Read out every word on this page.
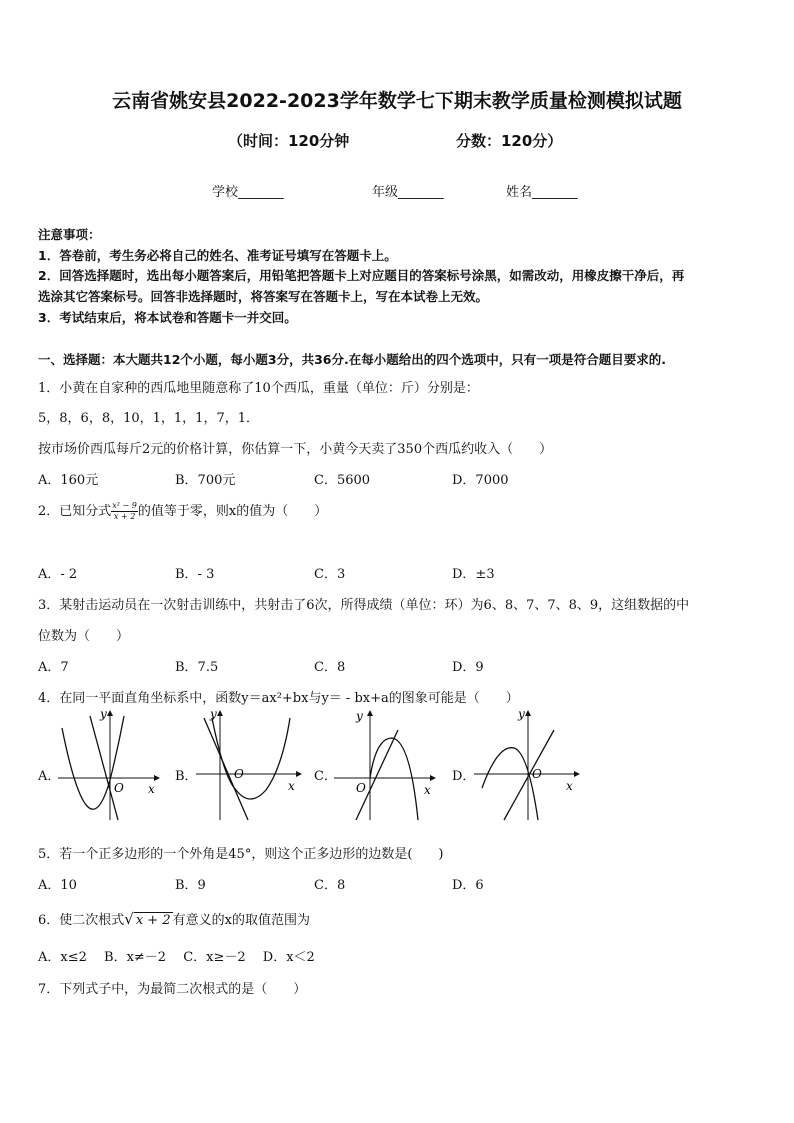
云南省姚安县2022-2023学年数学七下期末教学质量检测模拟试题
（时间：120分钟	分数：120分）
学校_______	年级_______	姓名_______
注意事项：
1．答卷前，考生务必将自己的姓名、准考证号填写在答题卡上。
2．回答选择题时，选出每小题答案后，用铅笔把答题卡上对应题目的答案标号涂黑，如需改动，用橡皮擦干净后，再
选涂其它答案标号。回答非选择题时，将答案写在答题卡上，写在本试卷上无效。
3．考试结束后，将本试卷和答题卡一并交回。
一、选择题：本大题共12个小题，每小题3分，共36分.在每小题给出的四个选项中，只有一项是符合题目要求的.
1．小黄在自家种的西瓜地里随意称了10个西瓜，重量（单位：斤）分别是：
5，8，6，8，10，1，1，1，7，1．
按市场价西瓜每斤2元的价格计算，你估算一下，小黄今天卖了350个西瓜约收入（　　）
A．160元	B．700元	C．5600	D．7000
2．已知分式 $\frac{\text{x² − 9}}{x + 2}$ 的值等于零，则x的值为（　　）
A．- 2	B．- 3	C．3	D．±3
3．某射击运动员在一次射击训练中，共射击了6次，所得成绩（单位：环）为6、8、7、7、8、9，这组数据的中
位数为（　　）
A．7	B．7.5	C．8	D．9
4．在同一平面直角坐标系中，函数y＝ax²+bx与y＝ - bx+a的图象可能是（　　）
A．	B．	C．	D．
y
x
O
y
x
O
y
x
O
y
x
O
5．若一个正多边形的一个外角是45°，则这个正多边形的边数是(　　)
A．10	B．9	C．8	D．6
6．使二次根式√ x + 2 有意义的x的取值范围为
A．x≤2　 B．x≠－2　 C．x≥－2　 D．x＜2
7．下列式子中，为最简二次根式的是（　　）
